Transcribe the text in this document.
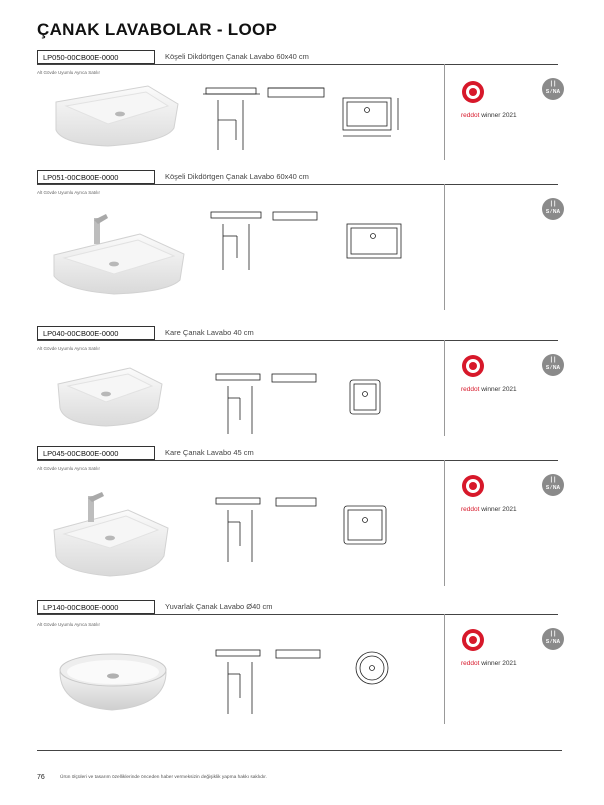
ÇANAK LAVABOLAR - LOOP
LP050-00CB00E-0000	Köşeli Dikdörtgen Çanak Lavabo 60x40 cm
Alt Gövde Uyumlu Ayrıca Satılır
reddot winner 2021
| |
S ⁄ NA
LP051-00CB00E-0000	Köşeli Dikdörtgen Çanak Lavabo 60x40 cm
Alt Gövde Uyumlu Ayrıca Satılır
| |
S ⁄ NA
LP040-00CB00E-0000	Kare Çanak Lavabo 40 cm
Alt Gövde Uyumlu Ayrıca Satılır
reddot winner 2021
| |
S ⁄ NA
LP045-00CB00E-0000	Kare Çanak Lavabo 45 cm
Alt Gövde Uyumlu Ayrıca Satılır
reddot winner 2021
| |
S ⁄ NA
LP140-00CB00E-0000	Yuvarlak Çanak Lavabo Ø40 cm
Alt Gövde Uyumlu Ayrıca Satılır
reddot winner 2021
| |
S ⁄ NA
76	Ürün ölçüleri ve tasarım özelliklerinde önceden haber vermeksizin değişiklik yapma hakkı saklıdır.
